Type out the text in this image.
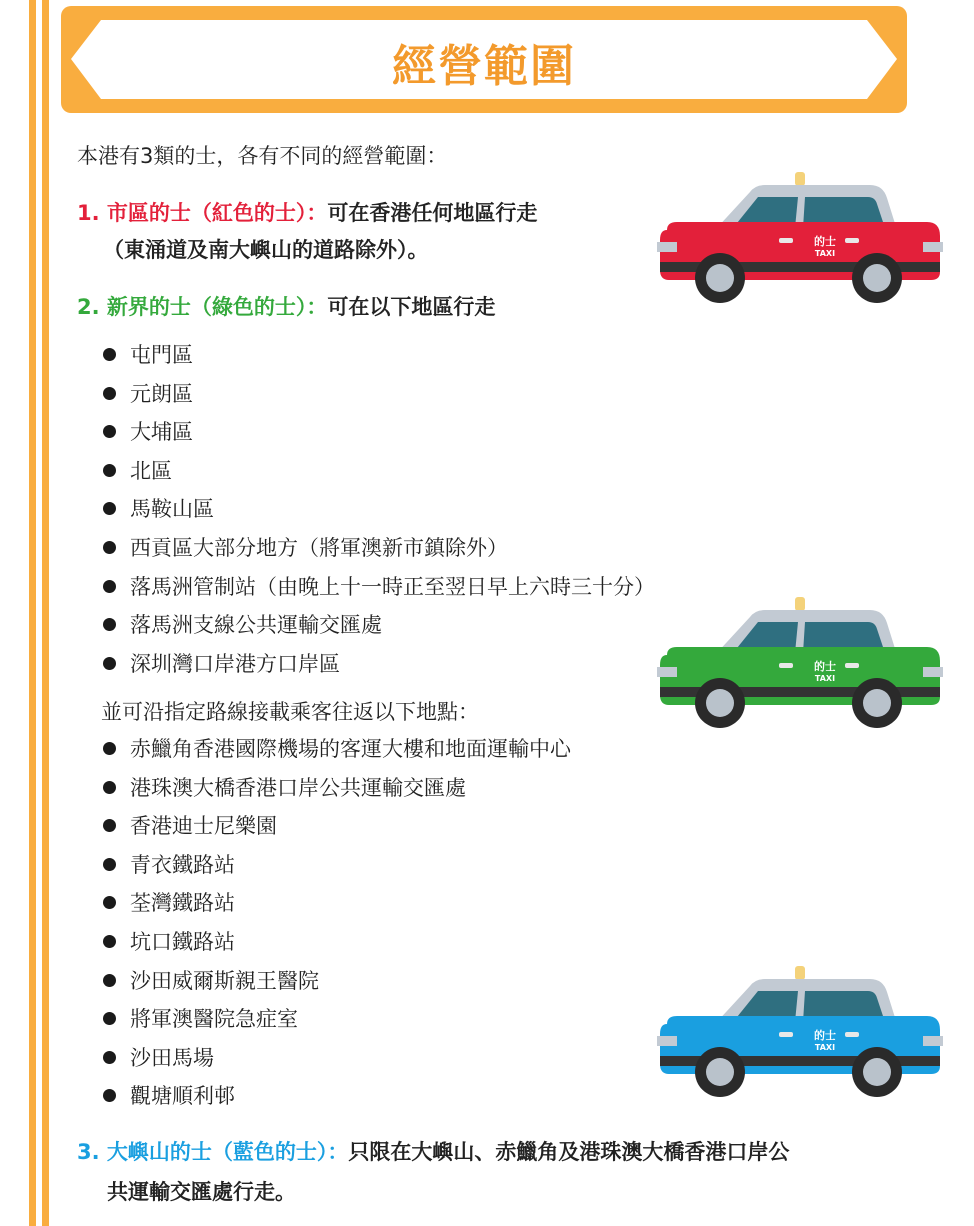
經營範圍
本港有3類的士，各有不同的經營範圍：
1. 市區的士（紅色的士）：可在香港任何地區行走
（東涌道及南大嶼山的道路除外）。
2. 新界的士（綠色的士）：可在以下地區行走
屯門區
元朗區
大埔區
北區
馬鞍山區
西貢區大部分地方（將軍澳新市鎮除外）
落馬洲管制站（由晚上十一時正至翌日早上六時三十分）
落馬洲支線公共運輸交匯處
深圳灣口岸港方口岸區
並可沿指定路線接載乘客往返以下地點：
赤鱲角香港國際機場的客運大樓和地面運輸中心
港珠澳大橋香港口岸公共運輸交匯處
香港迪士尼樂園
青衣鐵路站
荃灣鐵路站
坑口鐵路站
沙田威爾斯親王醫院
將軍澳醫院急症室
沙田馬場
觀塘順利邨
3. 大嶼山的士（藍色的士）：只限在大嶼山、赤鱲角及港珠澳大橋香港口岸公
共運輸交匯處行走。
的士
TAXI
的士
TAXI
的士
TAXI
